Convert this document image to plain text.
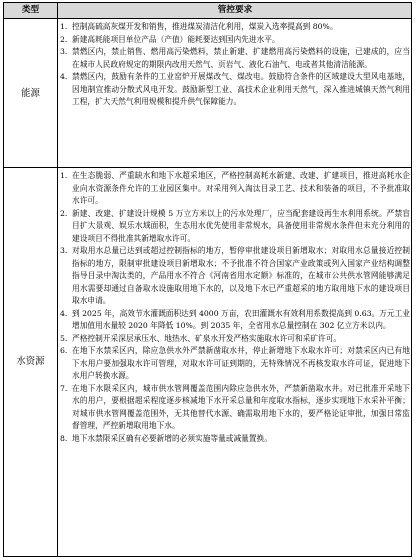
类型	管控要求
能源
1. 控制高硫高灰煤开发和销售，推进煤炭清洁化利用，煤炭入选率提高到 80%。
2. 新建高耗能项目单位产品（产值）能耗要达到国内先进水平。
3. 禁燃区内，禁止销售、燃用高污染燃料，禁止新建、扩建燃用高污染燃料的设施，已建成的，应当在城市人民政府规定的期限内改用天然气、页岩气、液化石油气、电或者其他清洁能源。
4. 禁燃区内，鼓励有条件的工业窑炉开展煤改气、煤改电。鼓励符合条件的区域建设大型风电基地，因地制宜推动分散式风电开发。鼓励新型工业、高技术企业利用天然气，深入推进城镇天然气利用工程，扩大天然气利用规模和提升供气保障能力。
水资源
1. 在生态脆弱、严重缺水和地下水超采地区，严格控制高耗水新建、改建、扩建项目，推进高耗水企业向水资源条件允许的工业园区集中。对采用列入淘汰目录工艺、技术和装备的项目，不予批准取水许可。
2. 新建、改建、扩建设计规模 5 万立方米以上的污水处理厂，应当配套建设再生水利用系统。严禁盲目扩大景观、娱乐水域面积，生态用水优先使用非常规水，具备使用非常规水条件但未充分利用的建设项目不得批准其新增取水许可。
3. 对取用水总量已达到或超过控制指标的地方，暂停审批建设项目新增取水；对取用水总量接近控制指标的地方，限制审批建设项目新增取水；不予批准不符合国家产业政策或列入国家产业结构调整指导目录中淘汰类的，产品用水不符合《河南省用水定额》标准的，在城市公共供水管网能够满足用水需要却通过自备取水设施取用地下水的，以及地下水已严重超采的地方取用地下水的建设项目取水申请。
4. 到 2025 年，高效节水灌溉面积达到 4000 万亩，农田灌溉水有效利用系数提高到 0.63。万元工业增加值用水量较 2020 年降低 10%。到 2035 年，全省用水总量控制在 302 亿立方米以内。
5. 严格控制开采深层承压水、地热水、矿泉水开发严格实施取水许可和采矿许可。
6. 在地下水禁采区内，除应急供水外严禁新凿取水井，停止新增地下水取水许可；对禁采区内已有地下水用户要加强取水许可管理，对取水许可证到期的，无特殊情况不再核发取水许可证，促进地下水用户转换水源。
7. 在地下水限采区内，城市供水管网覆盖范围内除应急供水外，严禁新凿取水井。对已批准开采地下水的用户，要根据超采程度逐步核减地下水开采总量和年度取水指标，逐步实现地下水采补平衡；对城市供水管网覆盖范围外，无其他替代水源、确需取用地下水的，要严格论证审批，加强日常监督管理，严控新增取用地下水。
8. 地下水禁限采区确有必要新增的必须实施等量或减量置换。
